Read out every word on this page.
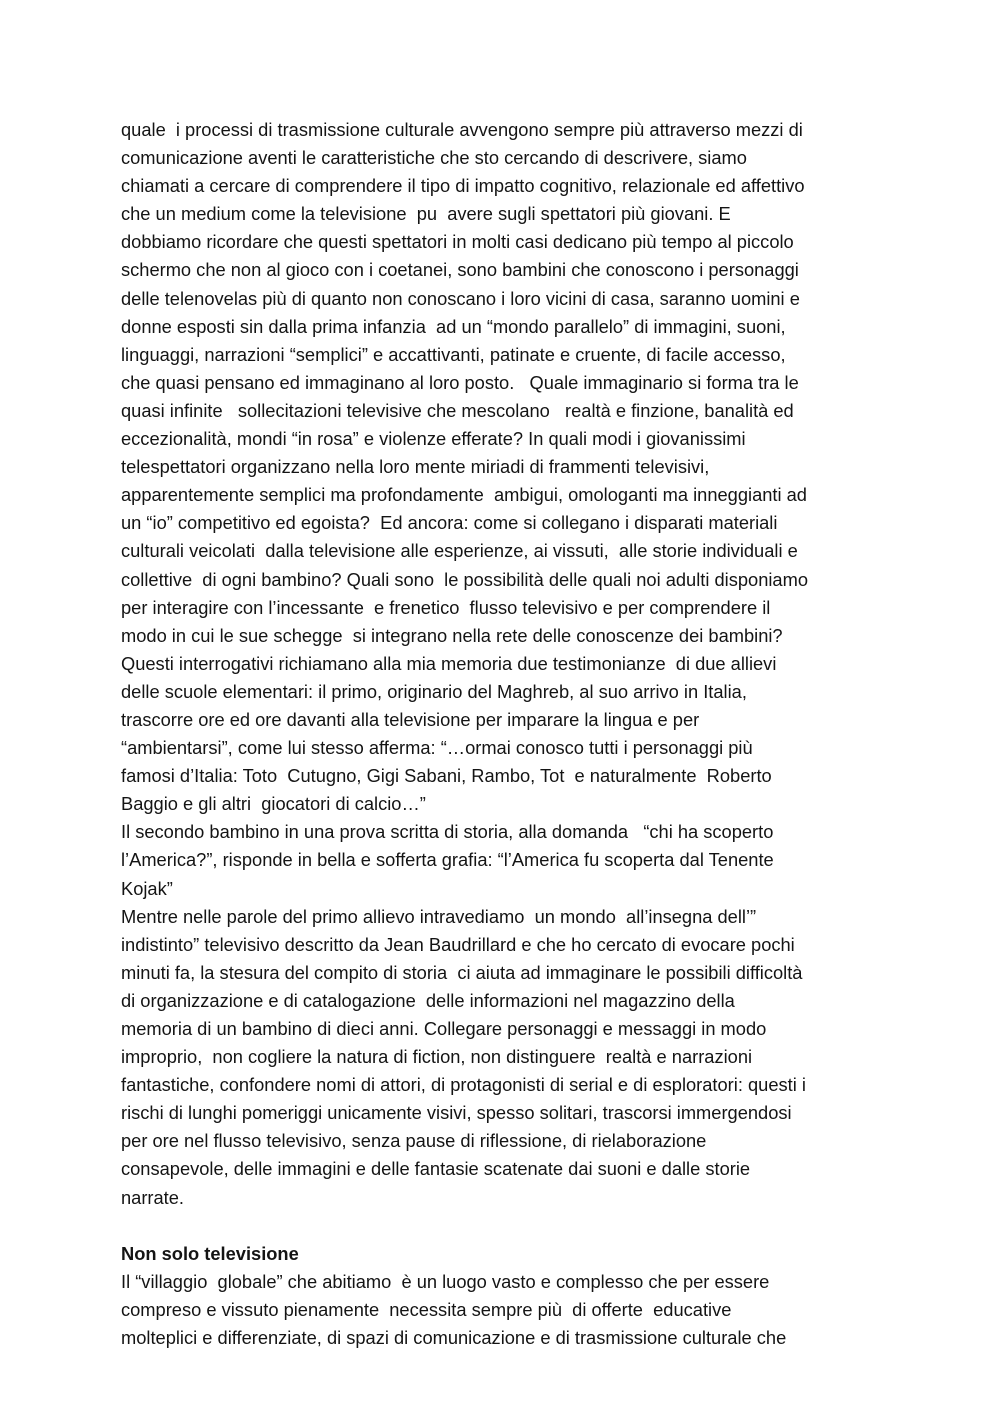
quale  i processi di trasmissione culturale avvengono sempre più attraverso mezzi di
comunicazione aventi le caratteristiche che sto cercando di descrivere, siamo
chiamati a cercare di comprendere il tipo di impatto cognitivo, relazionale ed affettivo
che un medium come la televisione  pu  avere sugli spettatori più giovani. E
dobbiamo ricordare che questi spettatori in molti casi dedicano più tempo al piccolo
schermo che non al gioco con i coetanei, sono bambini che conoscono i personaggi
delle telenovelas più di quanto non conoscano i loro vicini di casa, saranno uomini e
donne esposti sin dalla prima infanzia  ad un “mondo parallelo” di immagini, suoni,
linguaggi, narrazioni “semplici” e accattivanti, patinate e cruente, di facile accesso,
che quasi pensano ed immaginano al loro posto.   Quale immaginario si forma tra le
quasi infinite   sollecitazioni televisive che mescolano   realtà e finzione, banalità ed
eccezionalità, mondi “in rosa” e violenze efferate? In quali modi i giovanissimi
telespettatori organizzano nella loro mente miriadi di frammenti televisivi,
apparentemente semplici ma profondamente  ambigui, omologanti ma inneggianti ad
un “io” competitivo ed egoista?  Ed ancora: come si collegano i disparati materiali
culturali veicolati  dalla televisione alle esperienze, ai vissuti,  alle storie individuali e
collettive  di ogni bambino? Quali sono  le possibilità delle quali noi adulti disponiamo
per interagire con l’incessante  e frenetico  flusso televisivo e per comprendere il
modo in cui le sue schegge  si integrano nella rete delle conoscenze dei bambini?
Questi interrogativi richiamano alla mia memoria due testimonianze  di due allievi
delle scuole elementari: il primo, originario del Maghreb, al suo arrivo in Italia,
trascorre ore ed ore davanti alla televisione per imparare la lingua e per
“ambientarsi”, come lui stesso afferma: “…ormai conosco tutti i personaggi più
famosi d’Italia: Toto  Cutugno, Gigi Sabani, Rambo, Tot  e naturalmente  Roberto
Baggio e gli altri  giocatori di calcio…”
Il secondo bambino in una prova scritta di storia, alla domanda   “chi ha scoperto
l’America?”, risponde in bella e sofferta grafia: “l’America fu scoperta dal Tenente
Kojak”
Mentre nelle parole del primo allievo intravediamo  un mondo  all’insegna dell’”
indistinto” televisivo descritto da Jean Baudrillard e che ho cercato di evocare pochi
minuti fa, la stesura del compito di storia  ci aiuta ad immaginare le possibili difficoltà
di organizzazione e di catalogazione  delle informazioni nel magazzino della
memoria di un bambino di dieci anni. Collegare personaggi e messaggi in modo
improprio,  non cogliere la natura di fiction, non distinguere  realtà e narrazioni
fantastiche, confondere nomi di attori, di protagonisti di serial e di esploratori: questi i
rischi di lunghi pomeriggi unicamente visivi, spesso solitari, trascorsi immergendosi
per ore nel flusso televisivo, senza pause di riflessione, di rielaborazione
consapevole, delle immagini e delle fantasie scatenate dai suoni e dalle storie
narrate.
Non solo televisione
Il “villaggio  globale” che abitiamo  è un luogo vasto e complesso che per essere
compreso e vissuto pienamente  necessita sempre più  di offerte  educative
molteplici e differenziate, di spazi di comunicazione e di trasmissione culturale che
